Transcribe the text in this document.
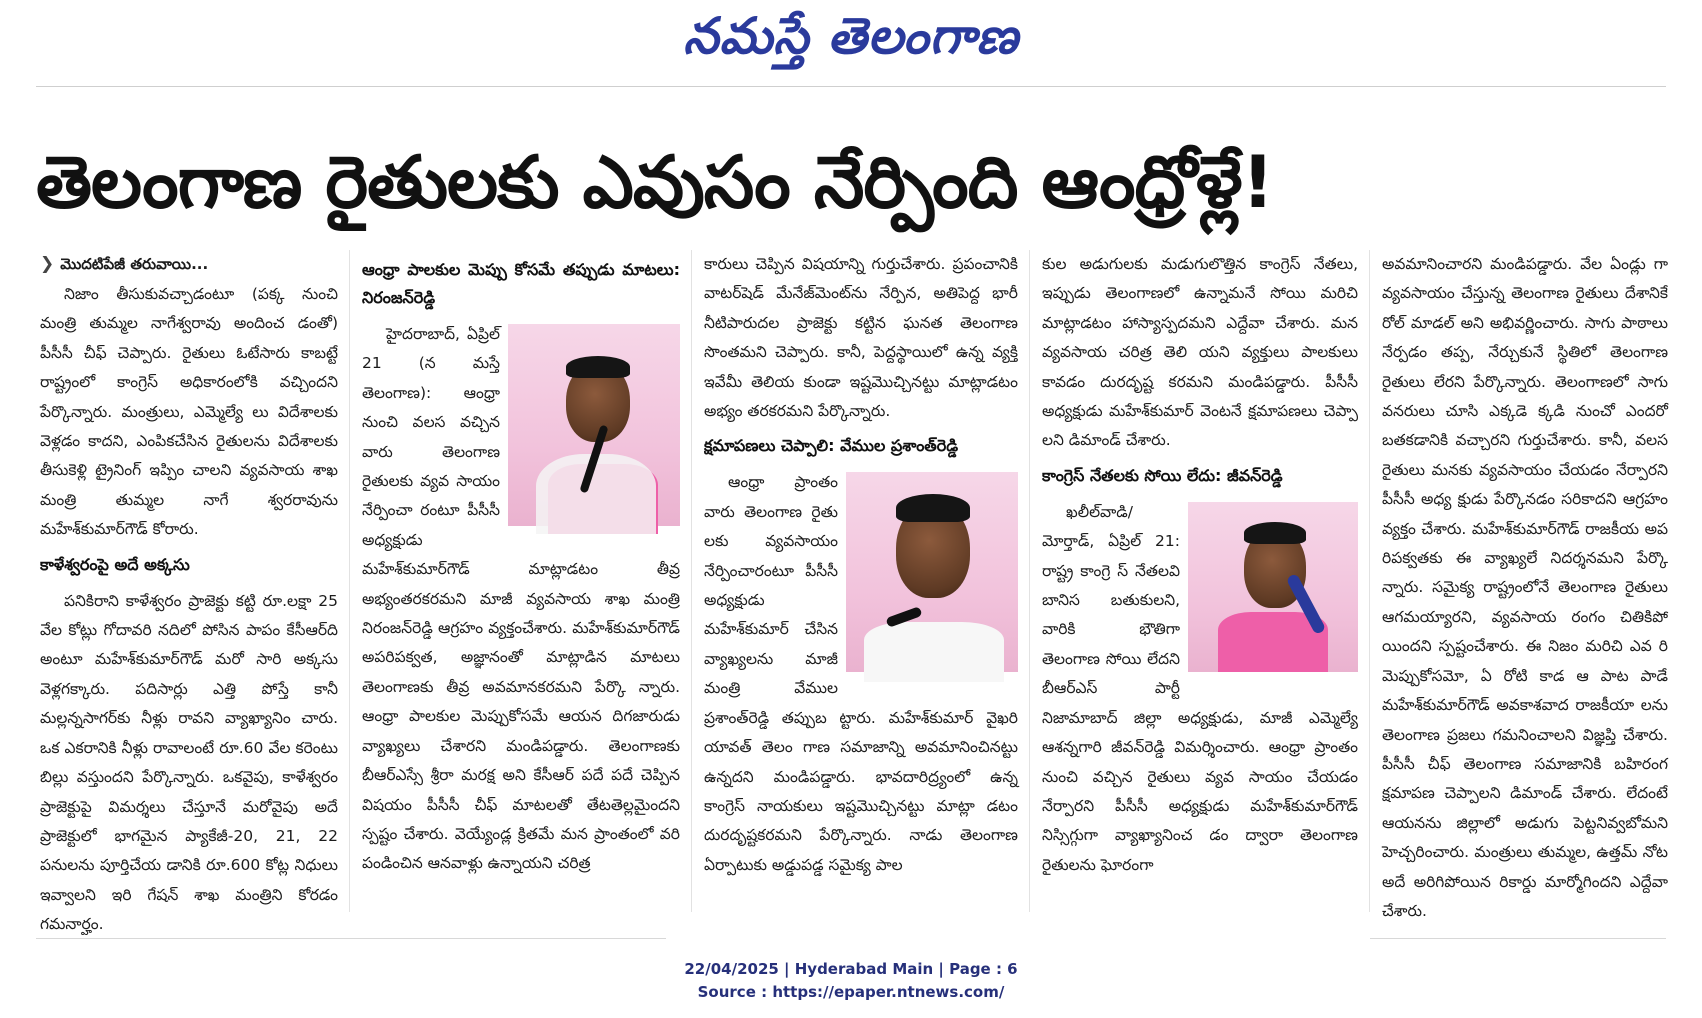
నమస్తే తెలంగాణ
తెలంగాణ రైతులకు ఎవుసం నేర్పింది ఆంధ్రోళ్లే!
❯ మొదటిపేజీ తరువాయి...

నిజాం తీసుకువచ్చాడంటూ (పక్క నుంచి మంత్రి తుమ్మల నాగేశ్వరావు అందించ డంతో) పీసీసీ చీఫ్ చెప్పారు. రైతులు ఓటేసారు కాబట్టే రాష్ట్రంలో కాంగ్రెస్ అధికారంలోకి వచ్చిందని పేర్కొన్నారు. మంత్రులు, ఎమ్మెల్యే లు విదేశాలకు వెళ్లడం కాదని, ఎంపికచేసిన రైతులను విదేశాలకు తీసుకెళ్లి ట్రైనింగ్ ఇప్పిం చాలని వ్యవసాయ శాఖ మంత్రి తుమ్మల నాగే శ్వరరావును మహేశ్‌కుమార్‌గౌడ్ కోరారు.

కాళేశ్వరంపై అదే అక్కసు

పనికిరాని కాళేశ్వరం ప్రాజెక్టు కట్టి రూ.లక్షా 25 వేల కోట్లు గోదావరి నదిలో పోసిన పాపం కేసీఆర్‌ది అంటూ మహేశ్‌కుమార్‌గౌడ్ మరో సారి అక్కసు వెళ్లగక్కారు. పదిసార్లు ఎత్తి పోస్తే కానీ మల్లన్నసాగర్‌కు నీళ్లు రావని వ్యాఖ్యానిం చారు. ఒక ఎకరానికి నీళ్లు రావాలంటే రూ.60 వేల కరెంటు బిల్లు వస్తుందని పేర్కొన్నారు. ఒకవైపు, కాళేశ్వరం ప్రాజెక్టుపై విమర్శలు చేస్తూనే మరోవైపు అదే ప్రాజెక్టులో భాగమైన ప్యాకేజీ-20, 21, 22 పనులను పూర్తిచేయ డానికి రూ.600 కోట్ల నిధులు ఇవ్వాలని ఇరి గేషన్ శాఖ మంత్రిని కోరడం గమనార్హం.

ఆంధ్రా పాలకుల మెప్పు కోసమే తప్పుడు మాటలు: నిరంజన్‌రెడ్డి

హైదరాబాద్, ఏప్రిల్ 21 (న మస్తే తెలంగాణ): ఆంధ్రా నుంచి వలస వచ్చిన వారు తెలంగాణ రైతులకు వ్యవ సాయం నేర్పించా రంటూ పీసీసీ అధ్యక్షుడు మహేశ్‌కుమార్‌గౌడ్ మాట్లాడటం తీవ్ర అభ్యంతరకరమని మాజీ వ్యవసాయ శాఖ మంత్రి నిరంజన్‌రెడ్డి ఆగ్రహం వ్యక్తంచేశారు. మహేశ్‌కుమార్‌గౌడ్ అపరిపక్వత, అజ్ఞానంతో మాట్లాడిన మాటలు తెలంగాణకు తీవ్ర అవమానకరమని పేర్కొ న్నారు. ఆంధ్రా పాలకుల మెప్పుకోసమే ఆయన దిగజారుడు వ్యాఖ్యలు చేశారని మండిపడ్డారు. తెలంగాణకు బీఆర్‌ఎస్సే శ్రీరా మరక్ష అని కేసీఆర్ పదే పదే చెప్పిన విషయం పీసీసీ చీఫ్ మాటలతో తేటతెల్లమైందని స్పష్టం చేశారు. వెయ్యేండ్ల క్రితమే మన ప్రాంతంలో వరి పండించిన ఆనవాళ్లు ఉన్నాయని చరిత్ర

కారులు చెప్పిన విషయాన్ని గుర్తుచేశారు. ప్రపంచానికి వాటర్‌షెడ్ మేనేజ్‌మెంట్‌ను నేర్పిన, అతిపెద్ద భారీ నీటిపారుదల ప్రాజెక్టు కట్టిన ఘనత తెలంగాణ సొంతమని చెప్పారు. కానీ, పెద్దస్థాయిలో ఉన్న వ్యక్తి ఇవేమీ తెలియ కుండా ఇష్టమొచ్చినట్టు మాట్లాడటం అభ్యం తరకరమని పేర్కొన్నారు.

క్షమాపణలు చెప్పాలి: వేముల ప్రశాంత్‌రెడ్డి

ఆంధ్రా ప్రాంతం వారు తెలంగాణ రైతు లకు వ్యవసాయం నేర్పించారంటూ పీసీసీ అధ్యక్షుడు మహేశ్‌కుమార్ చేసిన వ్యాఖ్యలను మాజీ మంత్రి వేముల ప్రశాంత్‌రెడ్డి తప్పుబ ట్టారు. మహేశ్‌కుమార్ వైఖరి యావత్ తెలం గాణ సమాజాన్ని అవమానించినట్టు ఉన్నదని మండిపడ్డారు. భావదారిద్ర్యంలో ఉన్న కాంగ్రెస్ నాయకులు ఇష్టమొచ్చినట్టు మాట్లా డటం దురదృష్టకరమని పేర్కొన్నారు. నాడు తెలంగాణ ఏర్పాటుకు అడ్డుపడ్డ సమైక్య పాల

కుల అడుగులకు మడుగులొత్తిన కాంగ్రెస్ నేతలు, ఇప్పుడు తెలంగాణలో ఉన్నామనే సోయి మరిచి మాట్లాడటం హాస్యాస్పదమని ఎద్దేవా చేశారు. మన వ్యవసాయ చరిత్ర తెలి యని వ్యక్తులు పాలకులు కావడం దురదృష్ట కరమని మండిపడ్డారు. పీసీసీ అధ్యక్షుడు మహేశ్‌కుమార్ వెంటనే క్షమాపణలు చెప్పా లని డిమాండ్ చేశారు.

కాంగ్రెస్ నేతలకు సోయి లేదు: జీవన్‌రెడ్డి

ఖలీల్‌వాడి/ మోర్తాడ్, ఏప్రిల్ 21: రాష్ట్ర కాంగ్రె స్ నేతలవి బానిస బతుకులని, వారికి భౌతిగా తెలంగాణ సోయి లేదని బీఆర్‌ఎస్ పార్టీ నిజామాబాద్ జిల్లా అధ్యక్షుడు, మాజీ ఎమ్మెల్యే ఆశన్నగారి జీవన్‌రెడ్డి విమర్శించారు. ఆంధ్రా ప్రాంతం నుంచి వచ్చిన రైతులు వ్యవ సాయం చేయడం నేర్పారని పీసీసీ అధ్యక్షుడు మహేశ్‌కుమార్‌గౌడ్ నిస్సిగ్గుగా వ్యాఖ్యానించ డం ద్వారా తెలంగాణ రైతులను ఘోరంగా

అవమానించారని మండిపడ్డారు. వేల ఏండ్లు గా వ్యవసాయం చేస్తున్న తెలంగాణ రైతులు దేశానికే రోల్ మాడల్ అని అభివర్ణించారు. సాగు పాఠాలు నేర్పడం తప్ప, నేర్చుకునే స్థితిలో తెలంగాణ రైతులు లేరని పేర్కొన్నారు. తెలంగాణలో సాగు వనరులు చూసి ఎక్కడె క్కడి నుంచో ఎందరో బతకడానికి వచ్చారని గుర్తుచేశారు. కానీ, వలస రైతులు మనకు వ్యవసాయం చేయడం నేర్పారని పీసీసీ అధ్య క్షుడు పేర్కొనడం సరికాదని ఆగ్రహం వ్యక్తం చేశారు. మహేశ్‌కుమార్‌గౌడ్ రాజకీయ అప రిపక్వతకు ఈ వ్యాఖ్యలే నిదర్శనమని పేర్కొ న్నారు. సమైక్య రాష్ట్రంలోనే తెలంగాణ రైతులు ఆగమయ్యారని, వ్యవసాయ రంగం చితికిపో యిందని స్పష్టంచేశారు. ఈ నిజం మరిచి ఎవ రి మెప్పుకోసమో, ఏ రోటి కాడ ఆ పాట పాడే మహేశ్‌కుమార్‌గౌడ్ అవకాశవాద రాజకీయా లను తెలంగాణ ప్రజలు గమనించాలని విజ్ఞప్తి చేశారు. పీసీసీ చీఫ్ తెలంగాణ సమాజానికి బహిరంగ క్షమాపణ చెప్పాలని డిమాండ్ చేశారు. లేదంటే ఆయనను జిల్లాలో అడుగు పెట్టనివ్వబోమని హెచ్చరించారు. మంత్రులు తుమ్మల, ఉత్తమ్ నోట అదే అరిగిపోయిన రికార్డు మార్మోగిందని ఎద్దేవా చేశారు.

22/04/2025 | Hyderabad Main | Page : 6
Source : https://epaper.ntnews.com/
